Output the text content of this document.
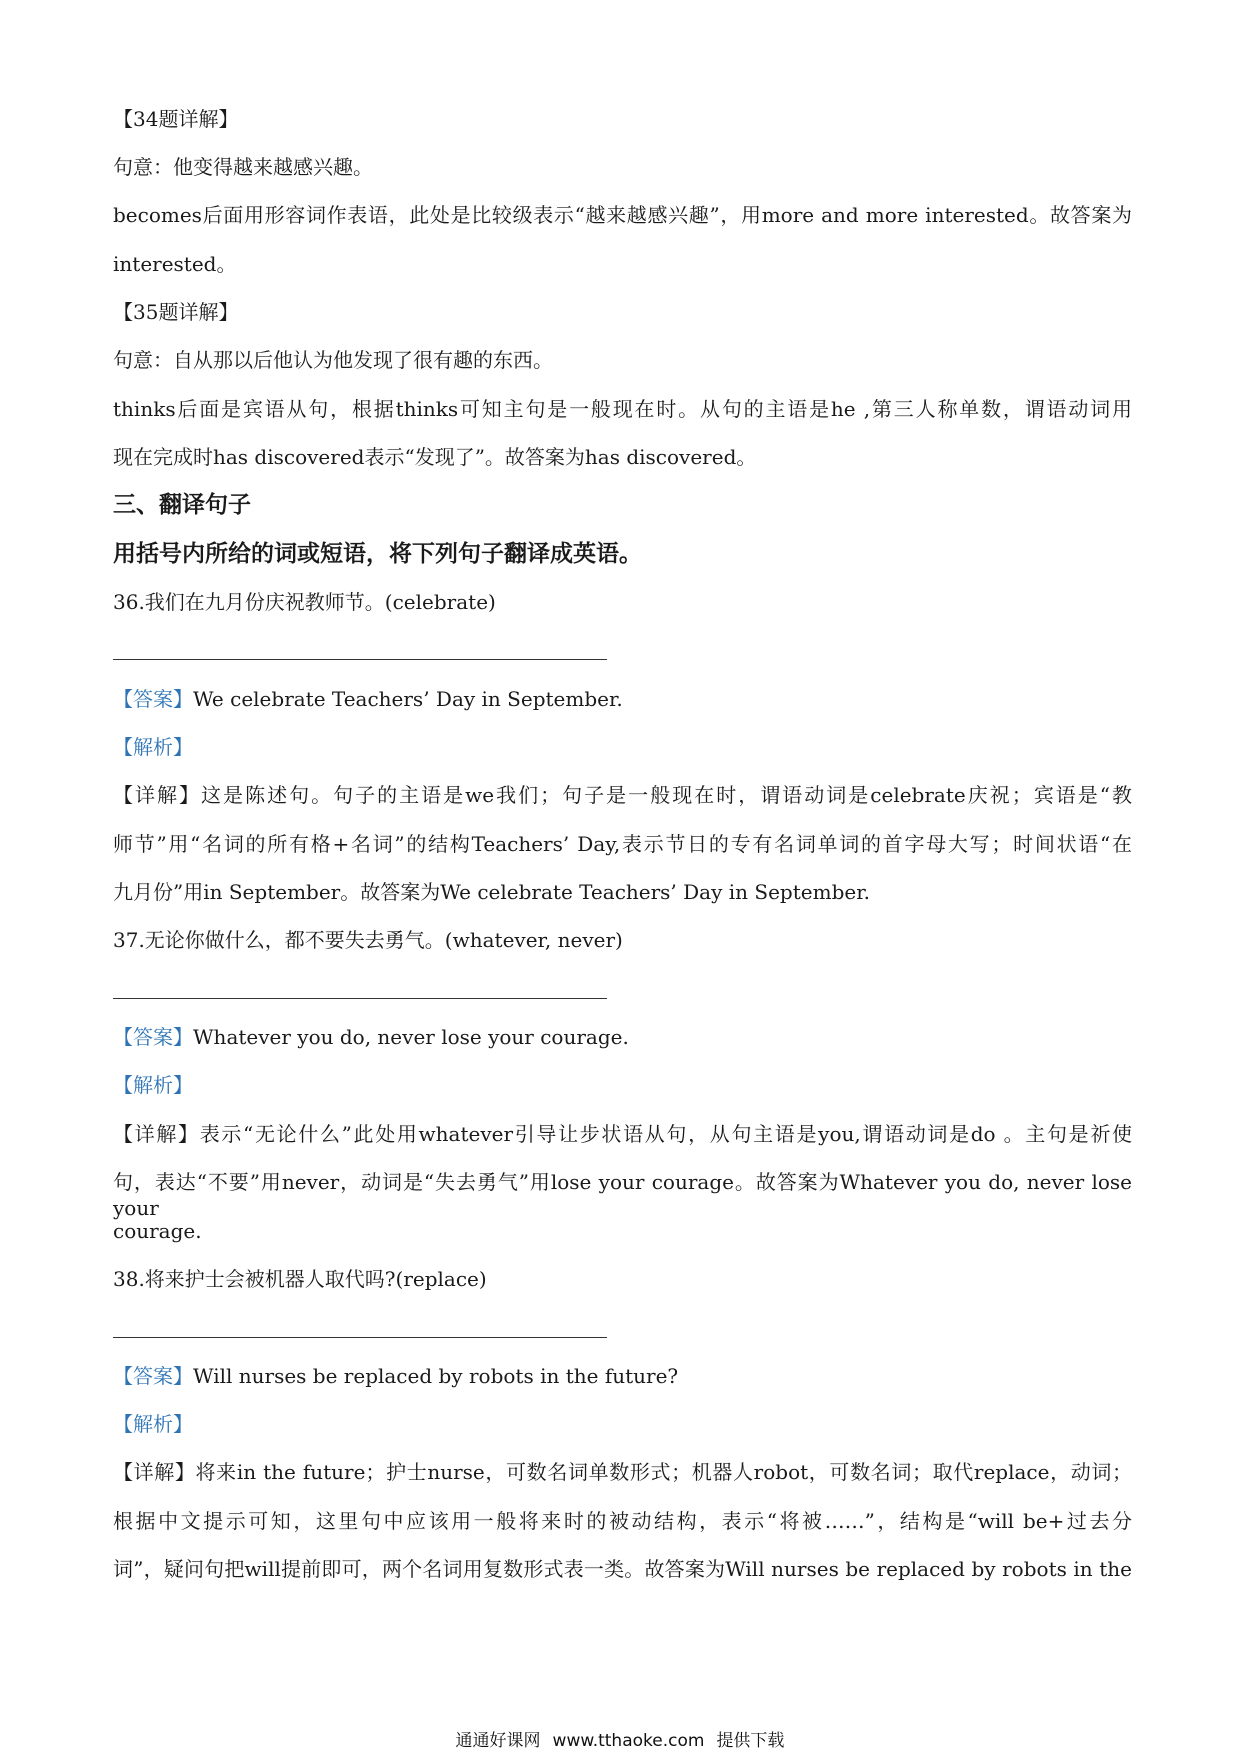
【34题详解】
句意：他变得越来越感兴趣。
becomes后面用形容词作表语，此处是比较级表示“越来越感兴趣”，用more and more interested。故答案为
interested。
【35题详解】
句意：自从那以后他认为他发现了很有趣的东西。
thinks后面是宾语从句，根据thinks可知主句是一般现在时。从句的主语是he ,第三人称单数，谓语动词用
现在完成时has discovered表示“发现了”。故答案为has discovered。
三、翻译句子
用括号内所给的词或短语，将下列句子翻译成英语。
36.我们在九月份庆祝教师节。(celebrate)
【答案】We celebrate Teachers’ Day in September.
【解析】
【详解】这是陈述句。句子的主语是we我们；句子是一般现在时，谓语动词是celebrate庆祝；宾语是“教
师节”用“名词的所有格+名词”的结构Teachers’ Day,表示节日的专有名词单词的首字母大写；时间状语“在
九月份”用in September。故答案为We celebrate Teachers’ Day in September.
37.无论你做什么，都不要失去勇气。(whatever, never)
【答案】Whatever you do, never lose your courage.
【解析】
【详解】表示“无论什么”此处用whatever引导让步状语从句，从句主语是you,谓语动词是do 。主句是祈使
句，表达“不要”用never，动词是“失去勇气”用lose your courage。故答案为Whatever you do, never lose your
courage.
38.将来护士会被机器人取代吗?(replace)
【答案】Will nurses be replaced by robots in the future?
【解析】
【详解】将来in the future；护士nurse，可数名词单数形式；机器人robot，可数名词；取代replace，动词；
根据中文提示可知，这里句中应该用一般将来时的被动结构，表示“将被……”，结构是“will be+过去分
词”，疑问句把will提前即可，两个名词用复数形式表一类。故答案为Will nurses be replaced by robots in the
通通好课网 www.tthaoke.com 提供下载
